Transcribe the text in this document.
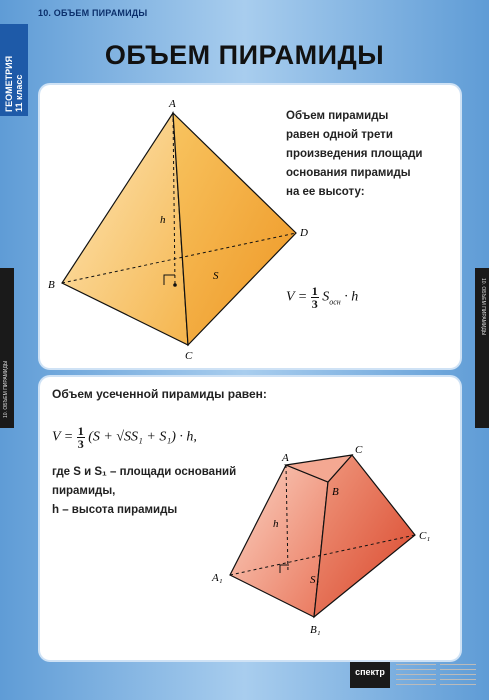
10. ОБЪЕМ ПИРАМИДЫ
ГЕОМЕТРИЯ
11 класс
10. ОБЪЕМ ПИРАМИДЫ
10. ОБЪЕМ ПИРАМИДЫ
ОБЪЕМ ПИРАМИДЫ
A
B
C
D
h
S
Объем пирамиды
равен одной трети
произведения площади
основания пирамиды
на ее высоту:
$V = \frac{1}{3} S_{осн} \cdot h$
Объем усеченной пирамиды равен:
$V = \frac{1}{3} (S + √SS_1 + S_1) \cdot h$,
где S и S₁ – площади оснований
пирамиды,
h – высота пирамиды
A
B
C
A₁
B₁
C₁
h
S₁
спектр
